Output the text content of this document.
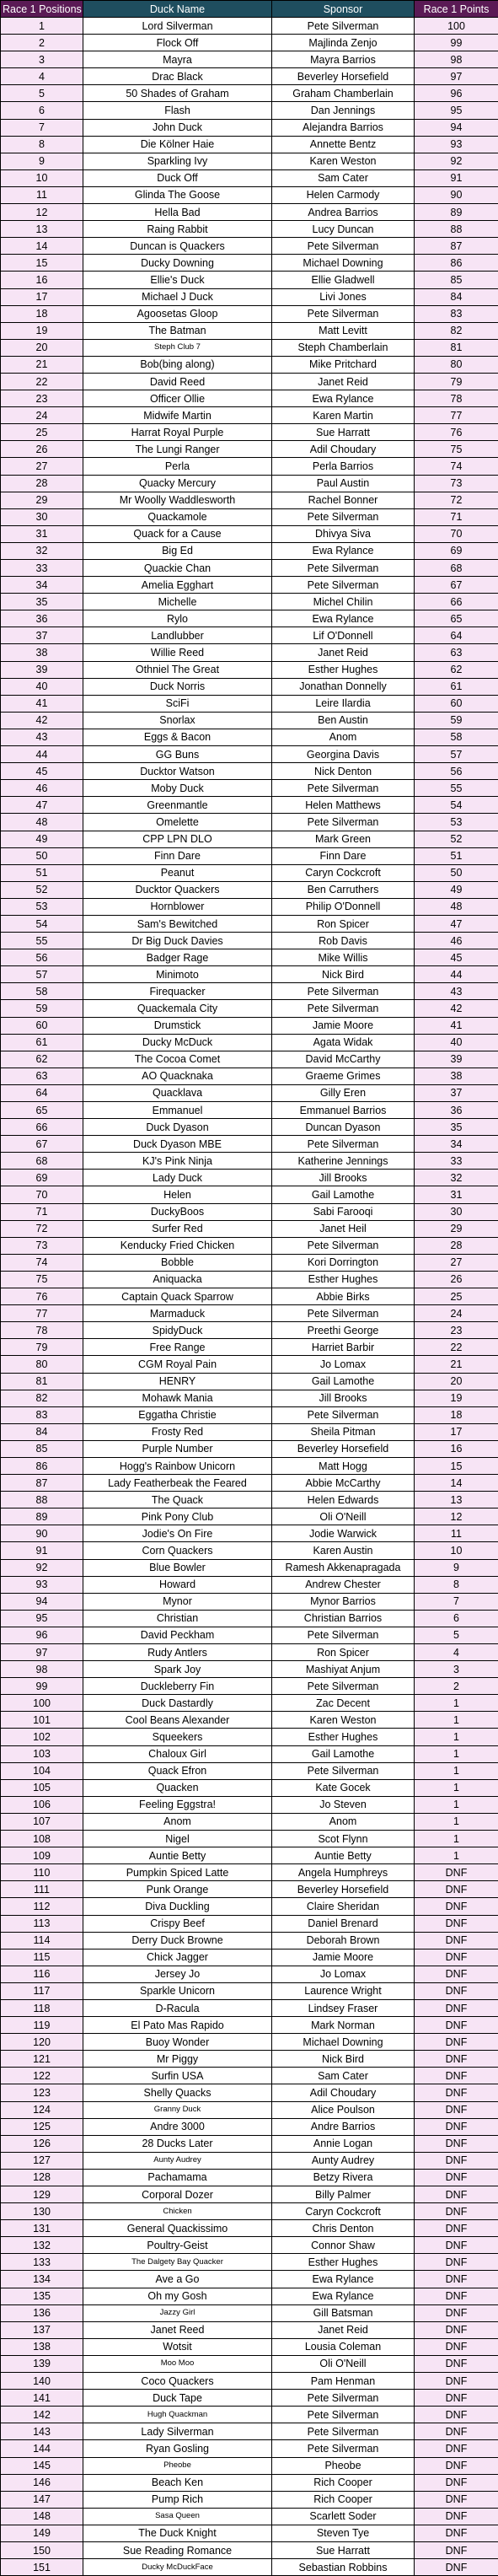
Race 1 Positions	Duck Name	Sponsor	Race 1 Points
1	Lord Silverman	Pete Silverman	100
2	Flock Off	Majlinda Zenjo	99
3	Mayra	Mayra Barrios	98
4	Drac Black	Beverley Horsefield	97
5	50 Shades of Graham	Graham Chamberlain	96
6	Flash	Dan Jennings	95
7	John Duck	Alejandra Barrios	94
8	Die Kölner Haie	Annette Bentz	93
9	Sparkling Ivy	Karen Weston	92
10	Duck Off	Sam Cater	91
11	Glinda The Goose	Helen Carmody	90
12	Hella Bad	Andrea Barrios	89
13	Raing Rabbit	Lucy Duncan	88
14	Duncan is Quackers	Pete Silverman	87
15	Ducky Downing	Michael Downing	86
16	Ellie's Duck	Ellie Gladwell	85
17	Michael J Duck	Livi Jones	84
18	Agoosetas Gloop	Pete Silverman	83
19	The Batman	Matt Levitt	82
20	Steph Club 7	Steph Chamberlain	81
21	Bob(bing along)	Mike Pritchard	80
22	David Reed	Janet Reid	79
23	Officer Ollie	Ewa Rylance	78
24	Midwife Martin	Karen Martin	77
25	Harrat Royal Purple	Sue Harratt	76
26	The Lungi Ranger	Adil Choudary	75
27	Perla	Perla Barrios	74
28	Quacky Mercury	Paul Austin	73
29	Mr Woolly Waddlesworth	Rachel Bonner	72
30	Quackamole	Pete Silverman	71
31	Quack for a Cause	Dhivya Siva	70
32	Big Ed	Ewa Rylance	69
33	Quackie Chan	Pete Silverman	68
34	Amelia Egghart	Pete Silverman	67
35	Michelle	Michel Chilin	66
36	Rylo	Ewa Rylance	65
37	Landlubber	Lif O'Donnell	64
38	Willie Reed	Janet Reid	63
39	Othniel The Great	Esther Hughes	62
40	Duck Norris	Jonathan Donnelly	61
41	SciFi	Leire Ilardia	60
42	Snorlax	Ben Austin	59
43	Eggs & Bacon	Anom	58
44	GG Buns	Georgina Davis	57
45	Ducktor Watson	Nick Denton	56
46	Moby Duck	Pete Silverman	55
47	Greenmantle	Helen Matthews	54
48	Omelette	Pete Silverman	53
49	CPP LPN DLO	Mark Green	52
50	Finn Dare	Finn Dare	51
51	Peanut	Caryn Cockcroft	50
52	Ducktor Quackers	Ben Carruthers	49
53	Hornblower	Philip O'Donnell	48
54	Sam's Bewitched	Ron Spicer	47
55	Dr Big Duck Davies	Rob Davis	46
56	Badger Rage	Mike Willis	45
57	Minimoto	Nick Bird	44
58	Firequacker	Pete Silverman	43
59	Quackemala City	Pete Silverman	42
60	Drumstick	Jamie Moore	41
61	Ducky McDuck	Agata Widak	40
62	The Cocoa Comet	David McCarthy	39
63	AO Quacknaka	Graeme Grimes	38
64	Quacklava	Gilly Eren	37
65	Emmanuel	Emmanuel Barrios	36
66	Duck Dyason	Duncan Dyason	35
67	Duck Dyason MBE	Pete Silverman	34
68	KJ's Pink Ninja	Katherine Jennings	33
69	Lady Duck	Jill Brooks	32
70	Helen	Gail Lamothe	31
71	DuckyBoos	Sabi Farooqi	30
72	Surfer Red	Janet Heil	29
73	Kenducky Fried Chicken	Pete Silverman	28
74	Bobble	Kori Dorrington	27
75	Aniquacka	Esther Hughes	26
76	Captain Quack Sparrow	Abbie Birks	25
77	Marmaduck	Pete Silverman	24
78	SpidyDuck	Preethi George	23
79	Free Range	Harriet Barbir	22
80	CGM Royal Pain	Jo Lomax	21
81	HENRY	Gail Lamothe	20
82	Mohawk Mania	Jill Brooks	19
83	Eggatha Christie	Pete Silverman	18
84	Frosty Red	Sheila Pitman	17
85	Purple Number	Beverley Horsefield	16
86	Hogg's Rainbow Unicorn	Matt Hogg	15
87	Lady Featherbeak the Feared	Abbie McCarthy	14
88	The Quack	Helen Edwards	13
89	Pink Pony Club	Oli O'Neill	12
90	Jodie's On Fire	Jodie Warwick	11
91	Corn Quackers	Karen Austin	10
92	Blue Bowler	Ramesh Akkenapragada	9
93	Howard	Andrew Chester	8
94	Mynor	Mynor Barrios	7
95	Christian	Christian Barrios	6
96	David Peckham	Pete Silverman	5
97	Rudy Antlers	Ron Spicer	4
98	Spark Joy	Mashiyat Anjum	3
99	Duckleberry Fin	Pete Silverman	2
100	Duck Dastardly	Zac Decent	1
101	Cool Beans Alexander	Karen Weston	1
102	Squeekers	Esther Hughes	1
103	Chaloux Girl	Gail Lamothe	1
104	Quack Efron	Pete Silverman	1
105	Quacken	Kate Gocek	1
106	Feeling Eggstra!	Jo Steven	1
107	Anom	Anom	1
108	Nigel	Scot Flynn	1
109	Auntie Betty	Auntie Betty	1
110	Pumpkin Spiced Latte	Angela Humphreys	DNF
111	Punk Orange	Beverley Horsefield	DNF
112	Diva Duckling	Claire Sheridan	DNF
113	Crispy Beef	Daniel Brenard	DNF
114	Derry Duck Browne	Deborah Brown	DNF
115	Chick Jagger	Jamie Moore	DNF
116	Jersey Jo	Jo Lomax	DNF
117	Sparkle Unicorn	Laurence Wright	DNF
118	D-Racula	Lindsey Fraser	DNF
119	El Pato Mas Rapido	Mark Norman	DNF
120	Buoy Wonder	Michael Downing	DNF
121	Mr Piggy	Nick Bird	DNF
122	Surfin USA	Sam Cater	DNF
123	Shelly Quacks	Adil Choudary	DNF
124	Granny Duck	Alice Poulson	DNF
125	Andre 3000	Andre Barrios	DNF
126	28 Ducks Later	Annie Logan	DNF
127	Aunty Audrey	Aunty Audrey	DNF
128	Pachamama	Betzy Rivera	DNF
129	Corporal Dozer	Billy Palmer	DNF
130	Chicken	Caryn Cockcroft	DNF
131	General Quackissimo	Chris Denton	DNF
132	Poultry-Geist	Connor Shaw	DNF
133	The Dalgety Bay Quacker	Esther Hughes	DNF
134	Ave a Go	Ewa Rylance	DNF
135	Oh my Gosh	Ewa Rylance	DNF
136	Jazzy Girl	Gill Batsman	DNF
137	Janet Reed	Janet Reid	DNF
138	Wotsit	Lousia Coleman	DNF
139	Moo Moo	Oli O'Neill	DNF
140	Coco Quackers	Pam Henman	DNF
141	Duck Tape	Pete Silverman	DNF
142	Hugh Quackman	Pete Silverman	DNF
143	Lady Silverman	Pete Silverman	DNF
144	Ryan Gosling	Pete Silverman	DNF
145	Pheobe	Pheobe	DNF
146	Beach Ken	Rich Cooper	DNF
147	Pump Rich	Rich Cooper	DNF
148	Sasa Queen	Scarlett Soder	DNF
149	The Duck Knight	Steven Tye	DNF
150	Sue Reading Romance	Sue Harratt	DNF
151	Ducky McDuckFace	Sebastian Robbins	DNF
